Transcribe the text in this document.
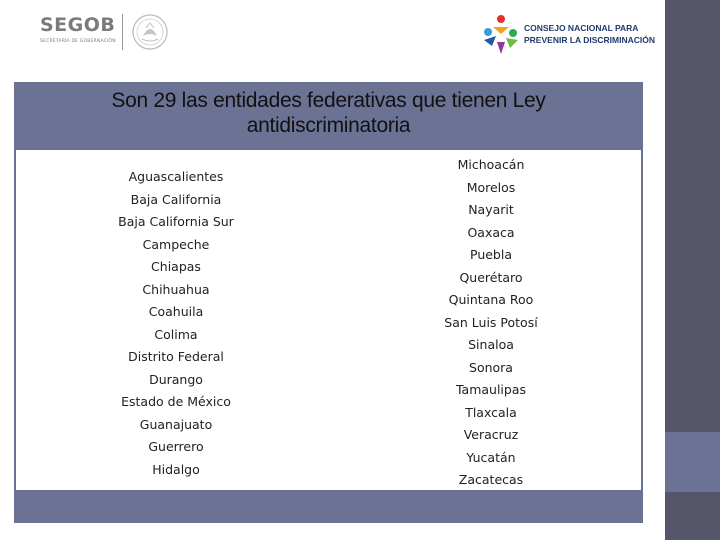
SEGOB
SECRETARÍA DE GOBERNACIÓN
CONSEJO NACIONAL PARA
PREVENIR LA DISCRIMINACIÓN
Son 29 las entidades federativas que tienen Ley
antidiscriminatoria
Aguascalientes
Baja California
Baja California Sur
Campeche
Chiapas
Chihuahua
Coahuila
Colima
Distrito Federal
Durango
Estado de México
Guanajuato
Guerrero
Hidalgo
Michoacán
Morelos
Nayarit
Oaxaca
Puebla
Querétaro
Quintana Roo
San Luis Potosí
Sinaloa
Sonora
Tamaulipas
Tlaxcala
Veracruz
Yucatán
Zacatecas
